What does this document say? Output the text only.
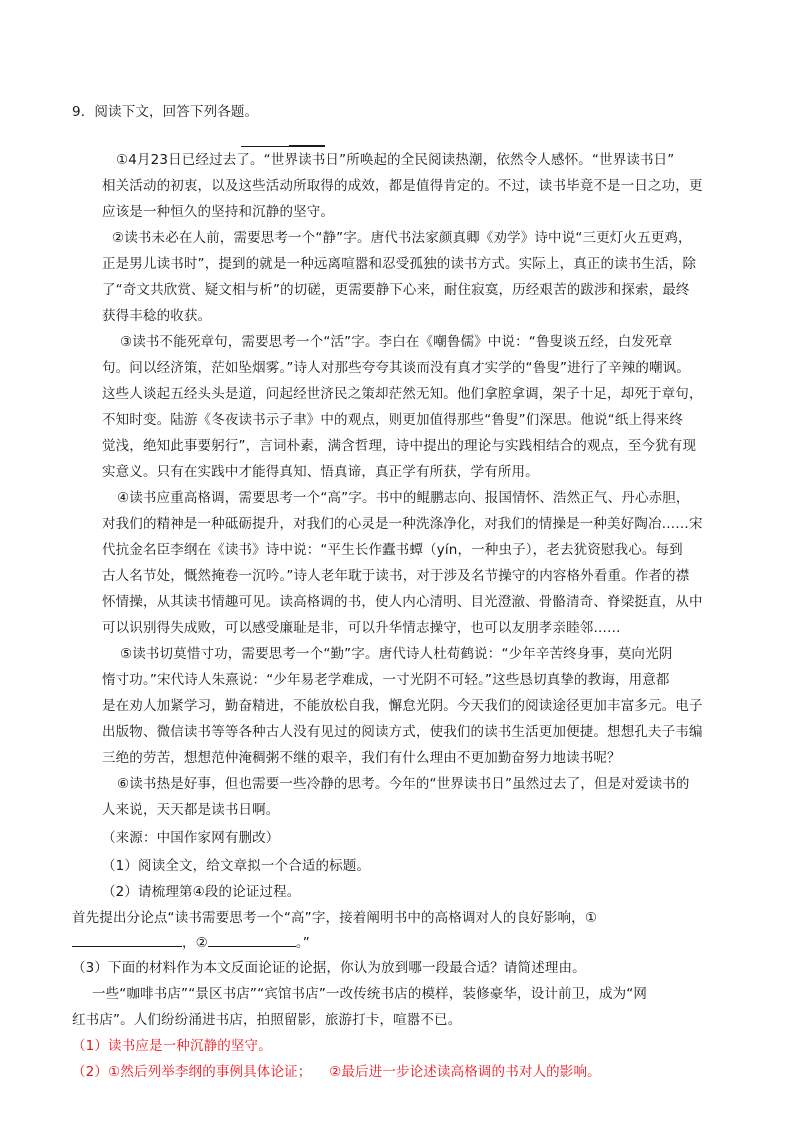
9．阅读下文，回答下列各题。
①4月23日已经过去了。“世界读书日”所唤起的全民阅读热潮，依然令人感怀。“世界读书日”
相关活动的初衷，以及这些活动所取得的成效，都是值得肯定的。不过，读书毕竟不是一日之功，更
应该是一种恒久的坚持和沉静的坚守。
②读书未必在人前，需要思考一个“静”字。唐代书法家颜真卿《劝学》诗中说“三更灯火五更鸡，
正是男儿读书时”，提到的就是一种远离喧嚣和忍受孤独的读书方式。实际上，真正的读书生活，除
了“奇文共欣赏、疑文相与析”的切磋，更需要静下心来，耐住寂寞，历经艰苦的跋涉和探索，最终
获得丰稔的收获。
③读书不能死章句，需要思考一个“活”字。李白在《嘲鲁儒》中说：“鲁叟谈五经，白发死章
句。问以经济策，茫如坠烟雾。”诗人对那些夸夸其谈而没有真才实学的“鲁叟”进行了辛辣的嘲讽。
这些人谈起五经头头是道，问起经世济民之策却茫然无知。他们拿腔拿调，架子十足，却死于章句，
不知时变。陆游《冬夜读书示子聿》中的观点，则更加值得那些“鲁叟”们深思。他说“纸上得来终
觉浅，绝知此事要躬行”，言词朴素，满含哲理，诗中提出的理论与实践相结合的观点，至今犹有现
实意义。只有在实践中才能得真知、悟真谛，真正学有所获，学有所用。
④读书应重高格调，需要思考一个“高”字。书中的鲲鹏志向、报国情怀、浩然正气、丹心赤胆，
对我们的精神是一种砥砺提升，对我们的心灵是一种洗涤净化，对我们的情操是一种美好陶冶……宋
代抗金名臣李纲在《读书》诗中说：“平生长作蠹书蟫（yín，一种虫子），老去犹资慰我心。每到
古人名节处，慨然掩卷一沉吟。”诗人老年耽于读书，对于涉及名节操守的内容格外看重。作者的襟
怀情操，从其读书情趣可见。读高格调的书，使人内心清明、目光澄澈、骨骼清奇、脊梁挺直，从中
可以识别得失成败，可以感受廉耻是非，可以升华情志操守，也可以友朋孝亲睦邻……
⑤读书切莫惜寸功，需要思考一个“勤”字。唐代诗人杜荀鹤说：“少年辛苦终身事，莫向光阴
惰寸功。”宋代诗人朱熹说：“少年易老学难成，一寸光阴不可轻。”这些恳切真挚的教诲，用意都
是在劝人加紧学习，勤奋精进，不能放松自我，懈怠光阴。今天我们的阅读途径更加丰富多元。电子
出版物、微信读书等等各种古人没有见过的阅读方式，使我们的读书生活更加便捷。想想孔夫子韦编
三绝的劳苦，想想范仲淹稠粥不继的艰辛，我们有什么理由不更加勤奋努力地读书呢？
⑥读书热是好事，但也需要一些冷静的思考。今年的“世界读书日”虽然过去了，但是对爱读书的
人来说，天天都是读书日啊。
（来源：中国作家网有删改）
（1）阅读全文，给文章拟一个合适的标题。
（2）请梳理第④段的论证过程。
首先提出分论点“读书需要思考一个“高”字，接着阐明书中的高格调对人的良好影响，①
，②	。”
（3）下面的材料作为本文反面论证的论据，你认为放到哪一段最合适？请简述理由。
一些“咖啡书店”“景区书店”“宾馆书店”一改传统书店的模样，装修豪华，设计前卫，成为“网
红书店”。人们纷纷涌进书店，拍照留影，旅游打卡，喧嚣不已。
（1）读书应是一种沉静的坚守。
（2）①然后列举李纲的事例具体论证；    ②最后进一步论述读高格调的书对人的影响。
